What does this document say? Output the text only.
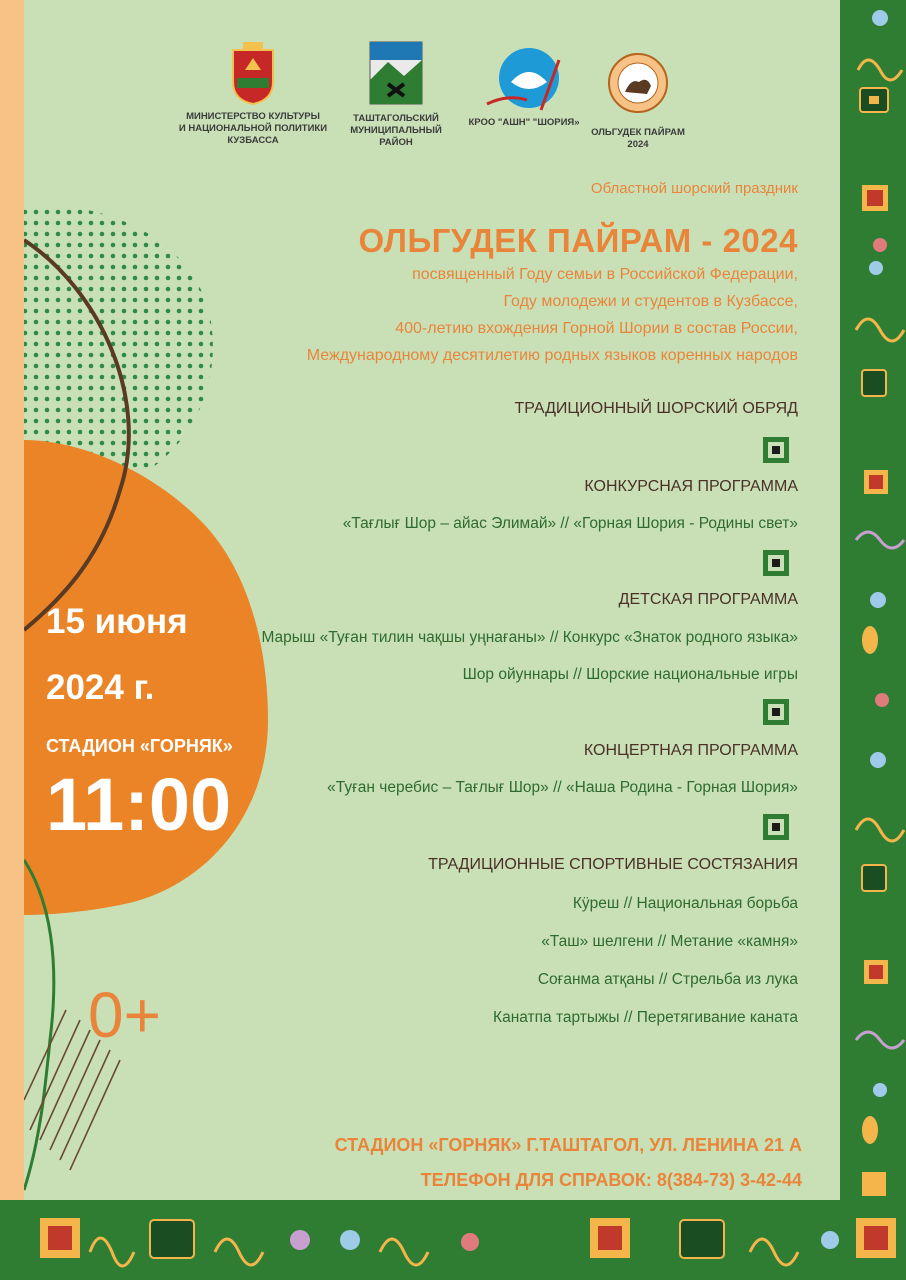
МИНИСТЕРСТВО КУЛЬТУРЫ
И НАЦИОНАЛЬНОЙ ПОЛИТИКИ
КУЗБАССА
ТАШТАГОЛЬСКИЙ
МУНИЦИПАЛЬНЫЙ
РАЙОН
КРОО "АШН" "ШОРИЯ»
ОЛЬГУДЕК ПАЙРАМ
2024
Областной шорский праздник
ОЛЬГУДЕК ПАЙРАМ - 2024
посвященный Году семьи в Российской Федерации,
Году молодежи и студентов в Кузбассе,
400-летию вхождения Горной Шории в состав России,
Международному десятилетию родных языков коренных народов
ТРАДИЦИОННЫЙ ШОРСКИЙ ОБРЯД
КОНКУРСНАЯ ПРОГРАММА
«Тағлығ Шор – айас Элимай» // «Горная Шория - Родины свет»
ДЕТСКАЯ ПРОГРАММА
Марыш «Туған тилин чақшы уңнағаны» // Конкурс «Знаток родного языка»
Шор ойуннары // Шорские национальные игры
КОНЦЕРТНАЯ ПРОГРАММА
«Туған черебис – Тағлығ Шор» // «Наша Родина - Горная Шория»
ТРАДИЦИОННЫЕ СПОРТИВНЫЕ СОСТЯЗАНИЯ
Кӱреш // Национальная борьба
«Таш» шелгени // Метание «камня»
Соғанма атқаны // Стрельба из лука
Канатпа тартыжы // Перетягивание каната
15 июня
2024 г.
СТАДИОН «ГОРНЯК»
11:00
0+
СТАДИОН «ГОРНЯК» Г.ТАШТАГОЛ, УЛ. ЛЕНИНА 21 А
ТЕЛЕФОН ДЛЯ СПРАВОК: 8(384-73) 3-42-44
